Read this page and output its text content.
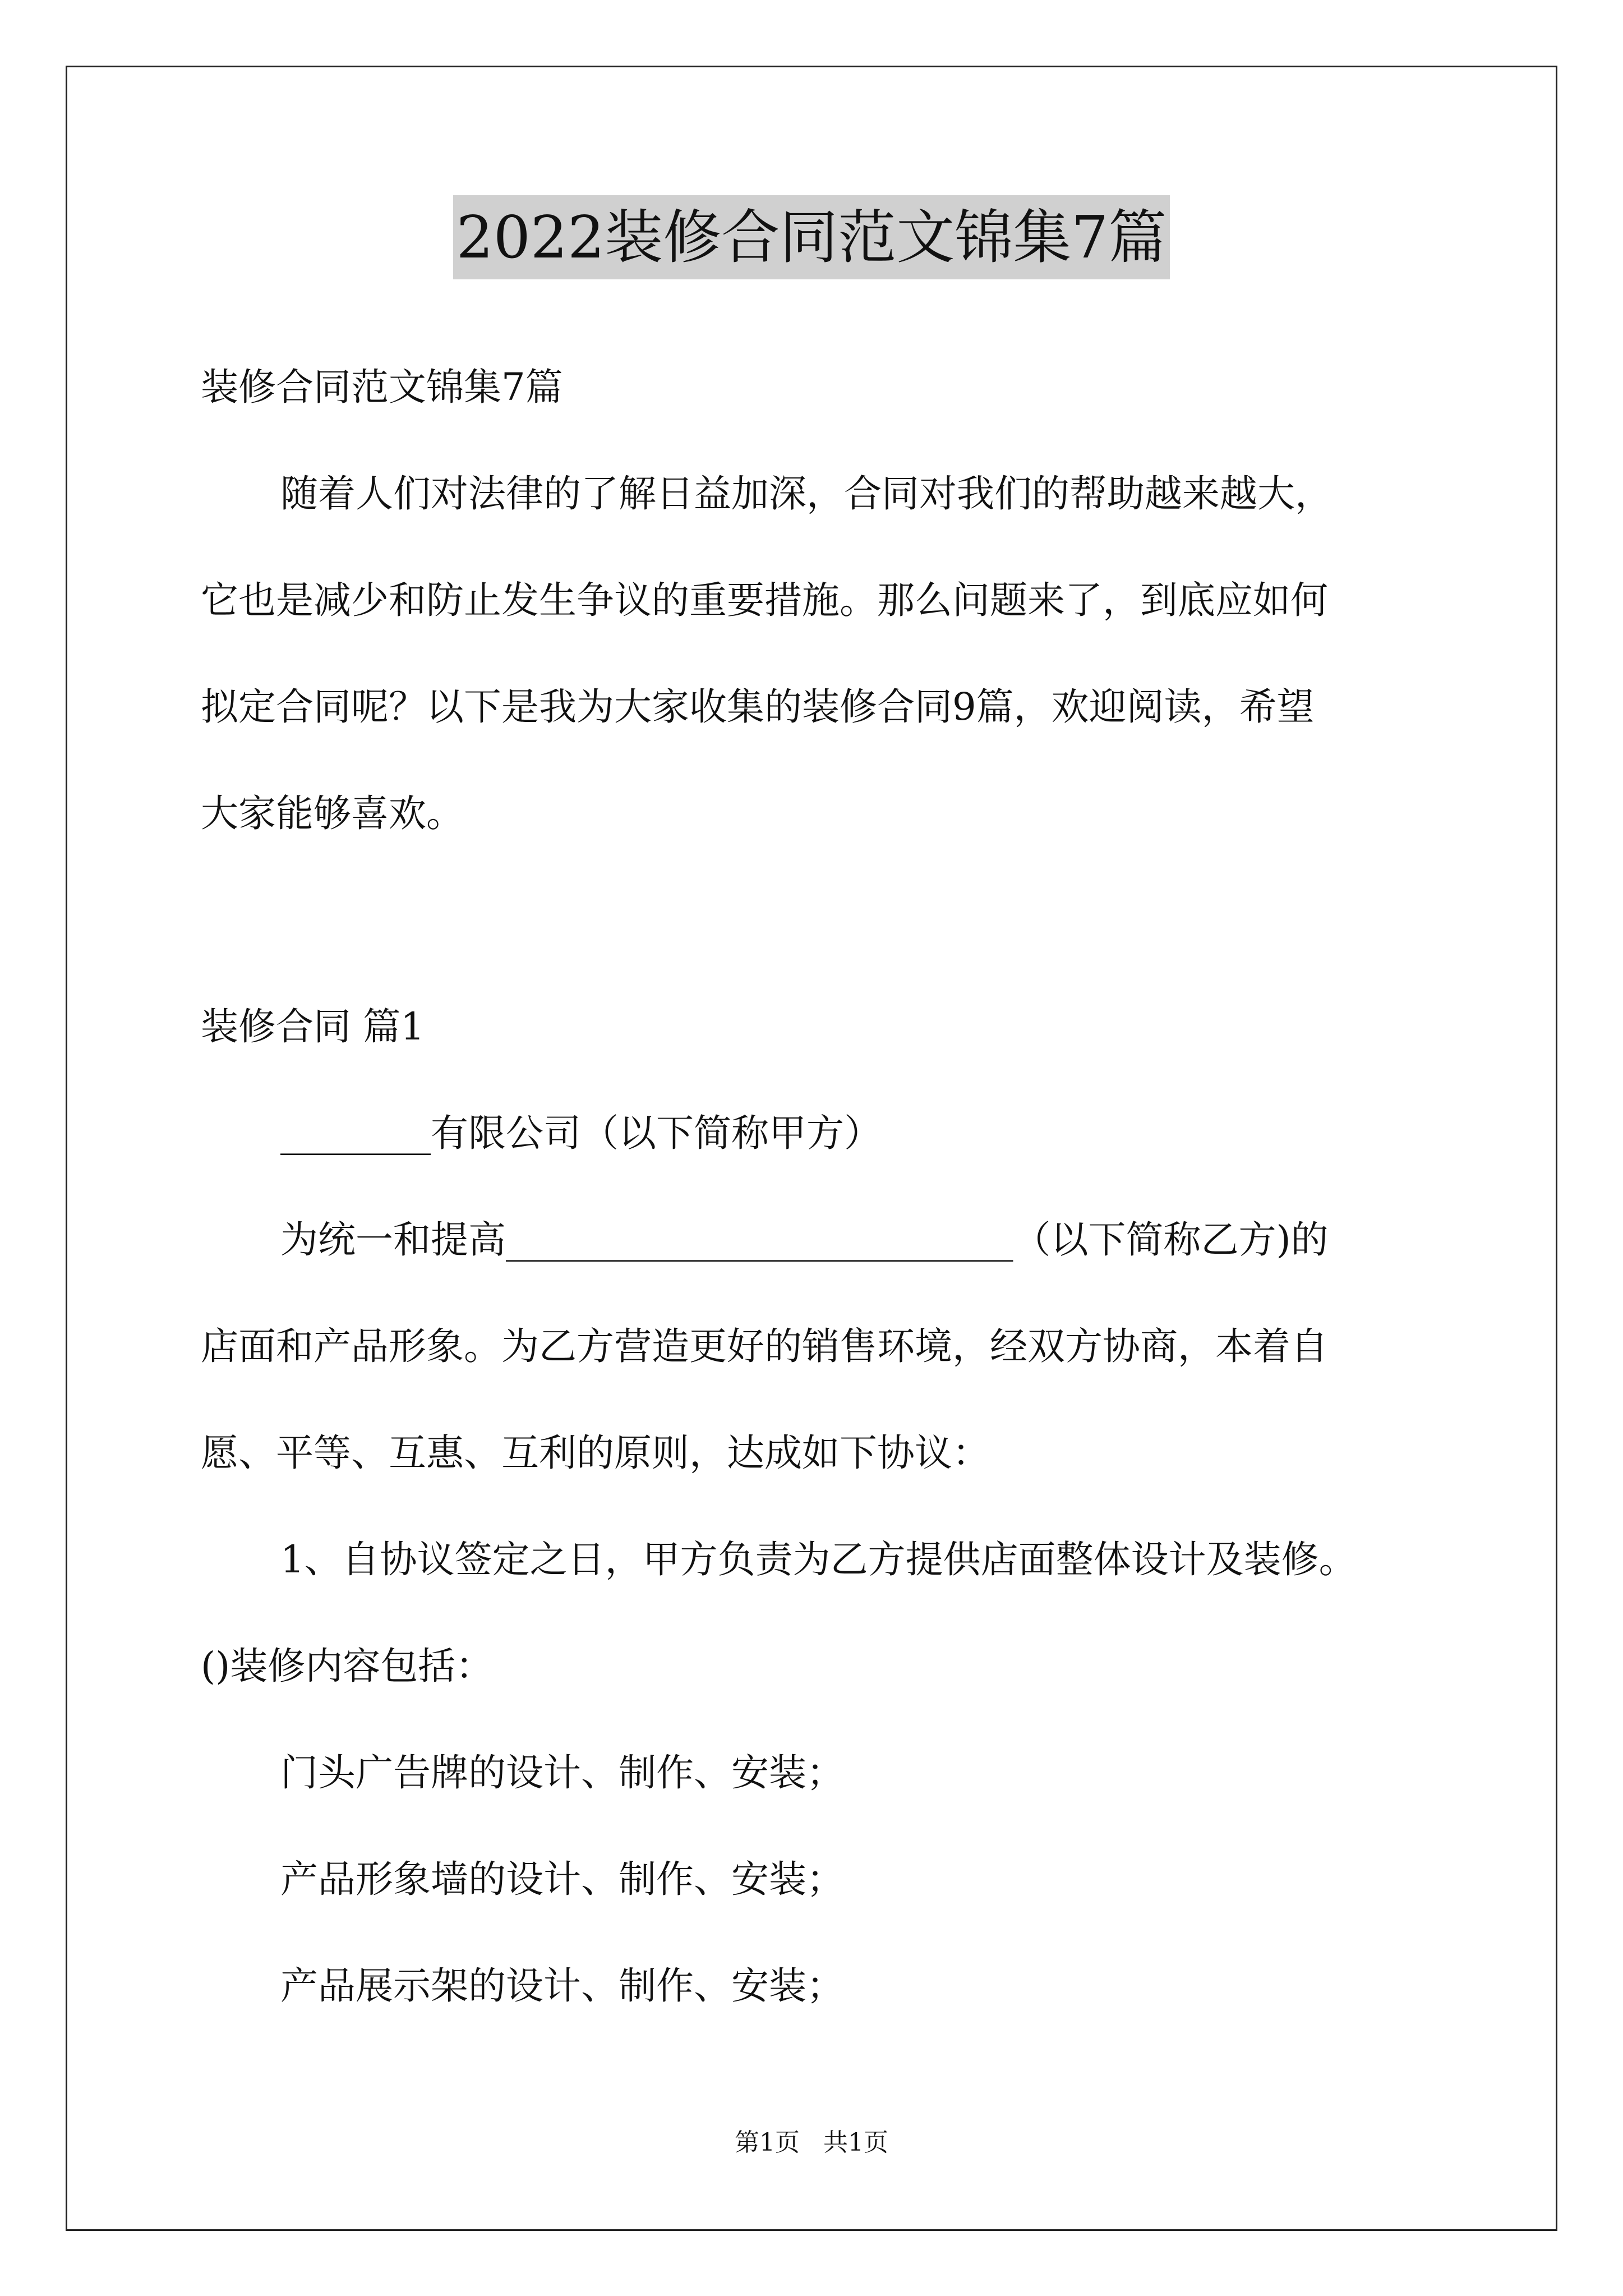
2022装修合同范文锦集7篇

装修合同范文锦集7篇

随着人们对法律的了解日益加深，合同对我们的帮助越来越大，

它也是减少和防止发生争议的重要措施。那么问题来了，到底应如何

拟定合同呢？以下是我为大家收集的装修合同9篇，欢迎阅读，希望

大家能够喜欢。

装修合同 篇1

________有限公司（以下简称甲方）

为统一和提高___________________________（以下简称乙方)的

店面和产品形象。为乙方营造更好的销售环境，经双方协商，本着自

愿、平等、互惠、互利的原则，达成如下协议：

1、自协议签定之日，甲方负责为乙方提供店面整体设计及装修。

()装修内容包括：

门头广告牌的设计、制作、安装；

产品形象墙的设计、制作、安装；

产品展示架的设计、制作、安装；

第1页   共1页
